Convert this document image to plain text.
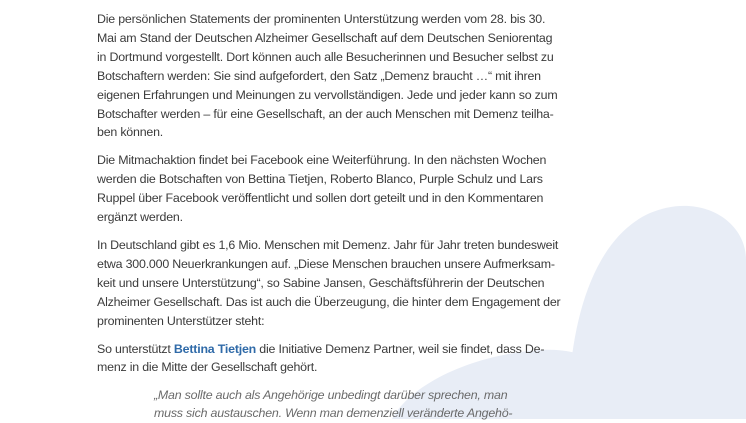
Die persönlichen Statements der prominenten Unterstützung werden vom 28. bis 30.
Mai am Stand der Deutschen Alzheimer Gesellschaft auf dem Deutschen Seniorentag
in Dortmund vorgestellt. Dort können auch alle Besucherinnen und Besucher selbst zu
Botschaftern werden: Sie sind aufgefordert, den Satz „Demenz braucht …“ mit ihren
eigenen Erfahrungen und Meinungen zu vervollständigen. Jede und jeder kann so zum
Botschafter werden – für eine Gesellschaft, an der auch Menschen mit Demenz teilha-
ben können.

Die Mitmachaktion findet bei Facebook eine Weiterführung. In den nächsten Wochen
werden die Botschaften von Bettina Tietjen, Roberto Blanco, Purple Schulz und Lars
Ruppel über Facebook veröffentlicht und sollen dort geteilt und in den Kommentaren
ergänzt werden.

In Deutschland gibt es 1,6 Mio. Menschen mit Demenz. Jahr für Jahr treten bundesweit
etwa 300.000 Neuerkrankungen auf. „Diese Menschen brauchen unsere Aufmerksam-
keit und unsere Unterstützung“, so Sabine Jansen, Geschäftsführerin der Deutschen
Alzheimer Gesellschaft. Das ist auch die Überzeugung, die hinter dem Engagement der
prominenten Unterstützer steht:

So unterstützt Bettina Tietjen die Initiative Demenz Partner, weil sie findet, dass De-
menz in die Mitte der Gesellschaft gehört.

„Man sollte auch als Angehörige unbedingt darüber sprechen, man
muss sich austauschen. Wenn man demenziell veränderte Angehö-
